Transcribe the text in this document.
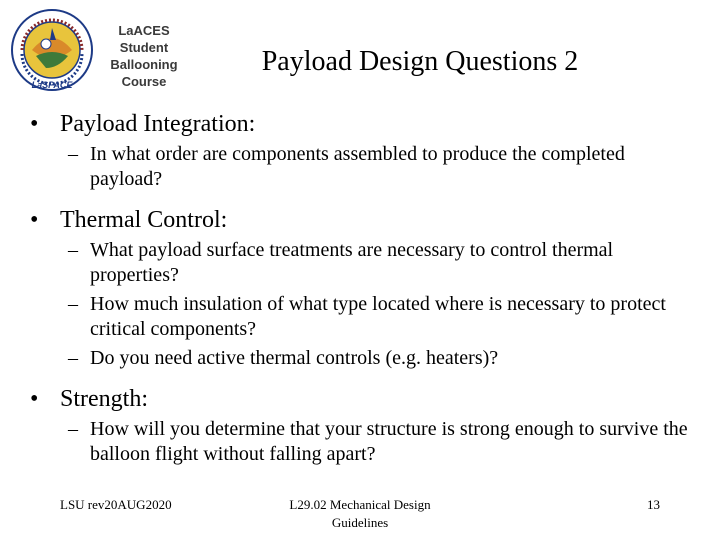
LaSPACE
LaACES
Student
Ballooning
Course
Payload Design Questions 2
• Payload Integration:
– In what order are components assembled to produce the completed payload?
• Thermal Control:
– What payload surface treatments are necessary to control thermal properties?
– How much insulation of what type located where is necessary to protect critical components?
– Do you need active thermal controls (e.g. heaters)?
• Strength:
– How will you determine that your structure is strong enough to survive the balloon flight without falling apart?
LSU rev20AUG2020	L29.02 Mechanical Design Guidelines
13
